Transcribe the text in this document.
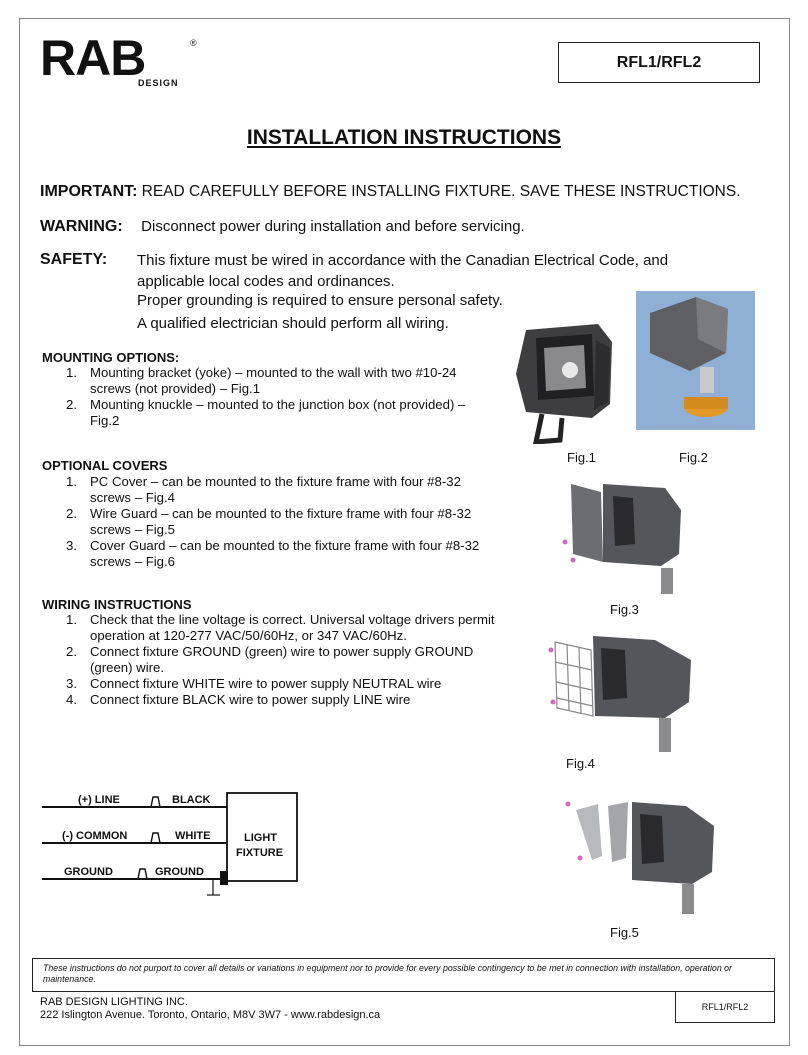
RAB	®
DESIGN
RFL1/RFL2
INSTALLATION INSTRUCTIONS
IMPORTANT: READ CAREFULLY BEFORE INSTALLING FIXTURE. SAVE THESE INSTRUCTIONS.
WARNING: Disconnect power during installation and before servicing.
SAFETY: This fixture must be wired in accordance with the Canadian Electrical Code, and applicable local codes and ordinances.
Proper grounding is required to ensure personal safety.
A qualified electrician should perform all wiring.
MOUNTING OPTIONS:
1. Mounting bracket (yoke) – mounted to the wall with two #10-24 screws (not provided) – Fig.1
2. Mounting knuckle – mounted to the junction box (not provided) – Fig.2
OPTIONAL COVERS
1. PC Cover – can be mounted to the fixture frame with four #8-32 screws – Fig.4
2. Wire Guard – can be mounted to the fixture frame with four #8-32 screws – Fig.5
3. Cover Guard – can be mounted to the fixture frame with four #8-32 screws – Fig.6
WIRING INSTRUCTIONS
1. Check that the line voltage is correct. Universal voltage drivers permit operation at 120-277 VAC/50/60Hz, or 347 VAC/60Hz.
2. Connect fixture GROUND (green) wire to power supply GROUND (green) wire.
3. Connect fixture WHITE wire to power supply NEUTRAL wire
4. Connect fixture BLACK wire to power supply LINE wire
(+) LINE	BLACK
(-) COMMON	WHITE
GROUND	GROUND
LIGHT
FIXTURE
Fig.1	Fig.2
Fig.3
Fig.4
Fig.5
These instructions do not purport to cover all details or variations in equipment nor to provide for every possible contingency to be met in connection with installation, operation or maintenance.
RAB DESIGN LIGHTING INC.
222 Islington Avenue. Toronto, Ontario, M8V 3W7 - www.rabdesign.ca
RFL1/RFL2
